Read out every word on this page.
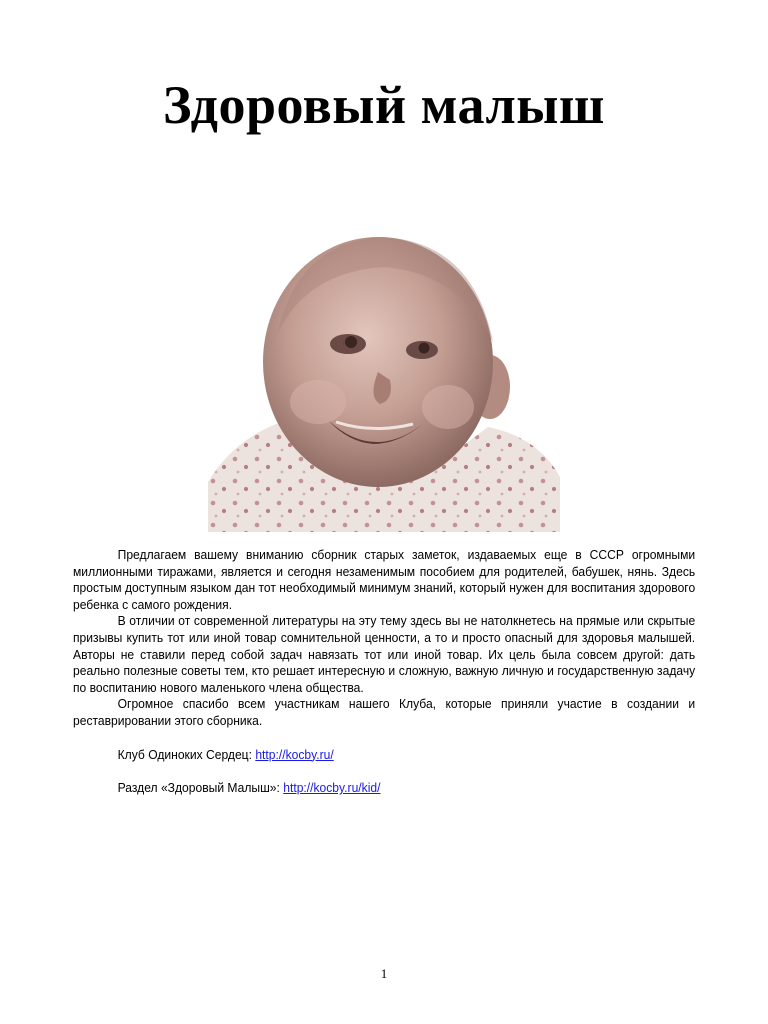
Здоровый малыш

Предлагаем вашему вниманию сборник старых заметок, издаваемых еще в СССР огромными миллионными тиражами, является и сегодня незаменимым пособием для родителей, бабушек, нянь. Здесь простым доступным языком дан тот необходимый минимум знаний, который нужен для воспитания здорового ребенка с самого рождения.

В отличии от современной литературы на эту тему здесь вы не натолкнетесь на прямые или скрытые призывы купить тот или иной товар сомнительной ценности, а то и просто опасный для здоровья малышей. Авторы не ставили перед собой задач навязать тот или иной товар. Их цель была совсем другой: дать реально полезные советы тем, кто решает интересную и сложную, важную личную и государственную задачу по воспитанию нового маленького члена общества.

Огромное спасибо всем участникам нашего Клуба, которые приняли участие в создании и реставрировании этого сборника.

Клуб Одиноких Сердец: http://kocby.ru/
Раздел «Здоровый Малыш»: http://kocby.ru/kid/
1
